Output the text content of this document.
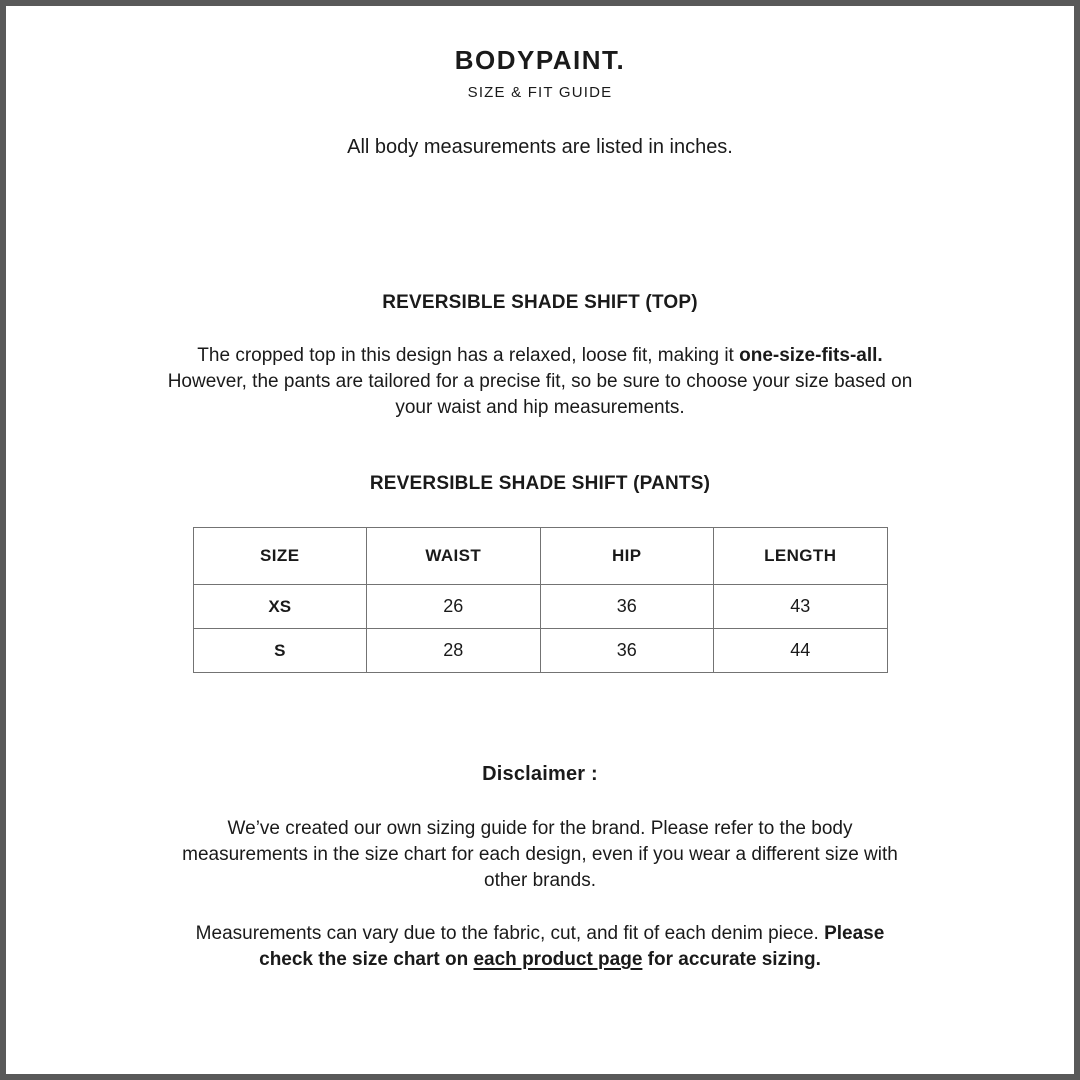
BODYPAINT.
SIZE & FIT GUIDE

All body measurements are listed in inches.

REVERSIBLE SHADE SHIFT (TOP)
The cropped top in this design has a relaxed, loose fit, making it one-size-fits-all.
However, the pants are tailored for a precise fit, so be sure to choose your size based on
your waist and hip measurements.
REVERSIBLE SHADE SHIFT (PANTS)
SIZE	WAIST	HIP	LENGTH
XS	26	36	43
S	28	36	44
Disclaimer :
We’ve created our own sizing guide for the brand. Please refer to the body
measurements in the size chart for each design, even if you wear a different size with
other brands.
Measurements can vary due to the fabric, cut, and fit of each denim piece. Please
check the size chart on each product page for accurate sizing.
